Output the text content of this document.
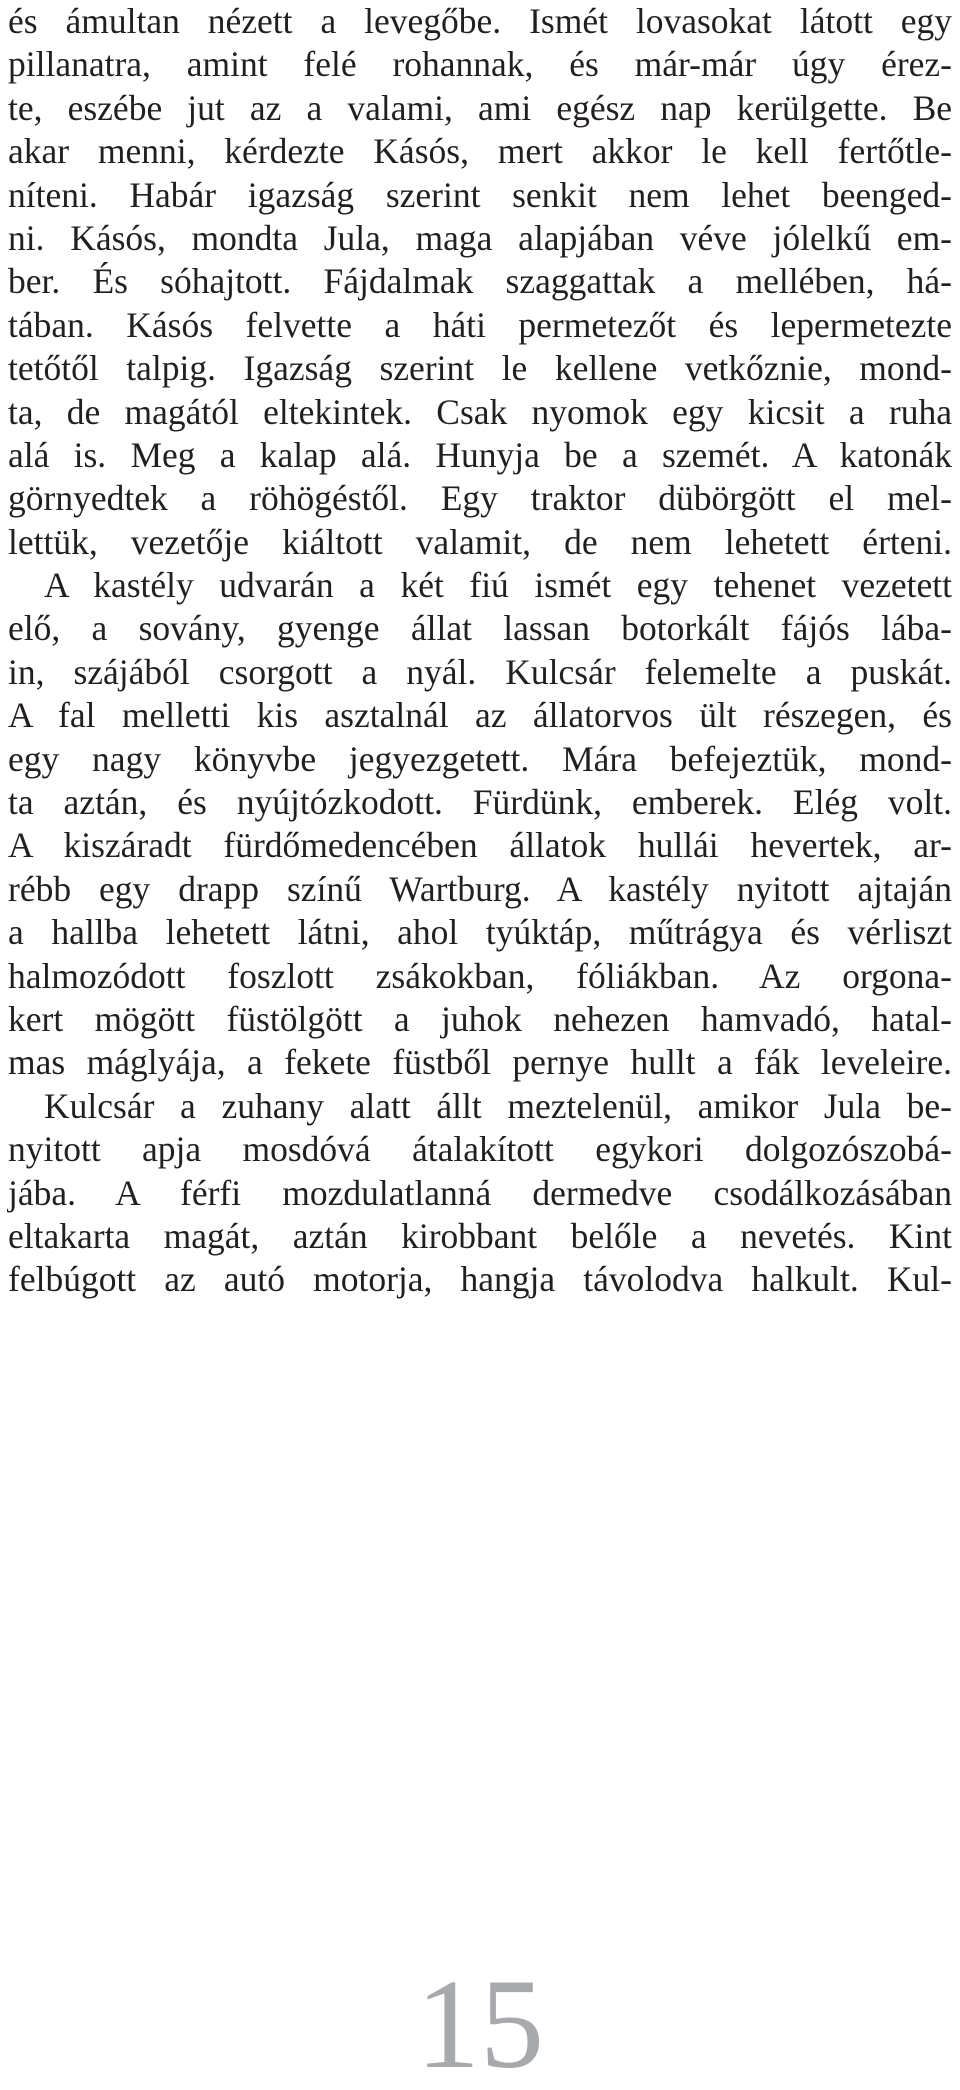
és ámultan nézett a levegőbe. Ismét lovasokat látott egy
pillanatra, amint felé rohannak, és már-már úgy érez-
te, eszébe jut az a valami, ami egész nap kerülgette. Be
akar menni, kérdezte Kásós, mert akkor le kell fertőtle-
níteni. Habár igazság szerint senkit nem lehet beenged-
ni. Kásós, mondta Jula, maga alapjában véve jólelkű em-
ber. És sóhajtott. Fájdalmak szaggattak a mellében, há-
tában. Kásós felvette a háti permetezőt és lepermetezte
tetőtől talpig. Igazság szerint le kellene vetkőznie, mond-
ta, de magától eltekintek. Csak nyomok egy kicsit a ruha
alá is. Meg a kalap alá. Hunyja be a szemét. A katonák
görnyedtek a röhögéstől. Egy traktor dübörgött el mel-
lettük, vezetője kiáltott valamit, de nem lehetett érteni.
A kastély udvarán a két fiú ismét egy tehenet vezetett
elő, a sovány, gyenge állat lassan botorkált fájós lába-
in, szájából csorgott a nyál. Kulcsár felemelte a puskát.
A fal melletti kis asztalnál az állatorvos ült részegen, és
egy nagy könyvbe jegyezgetett. Mára befejeztük, mond-
ta aztán, és nyújtózkodott. Fürdünk, emberek. Elég volt.
A kiszáradt fürdőmedencében állatok hullái hevertek, ar-
rébb egy drapp színű Wartburg. A kastély nyitott ajtaján
a hallba lehetett látni, ahol tyúktáp, műtrágya és vérliszt
halmozódott foszlott zsákokban, fóliákban. Az orgona-
kert mögött füstölgött a juhok nehezen hamvadó, hatal-
mas máglyája, a fekete füstből pernye hullt a fák leveleire.
Kulcsár a zuhany alatt állt meztelenül, amikor Jula be-
nyitott apja mosdóvá átalakított egykori dolgozószobá-
jába. A férfi mozdulatlanná dermedve csodálkozásában
eltakarta magát, aztán kirobbant belőle a nevetés. Kint
felbúgott az autó motorja, hangja távolodva halkult. Kul-
15
